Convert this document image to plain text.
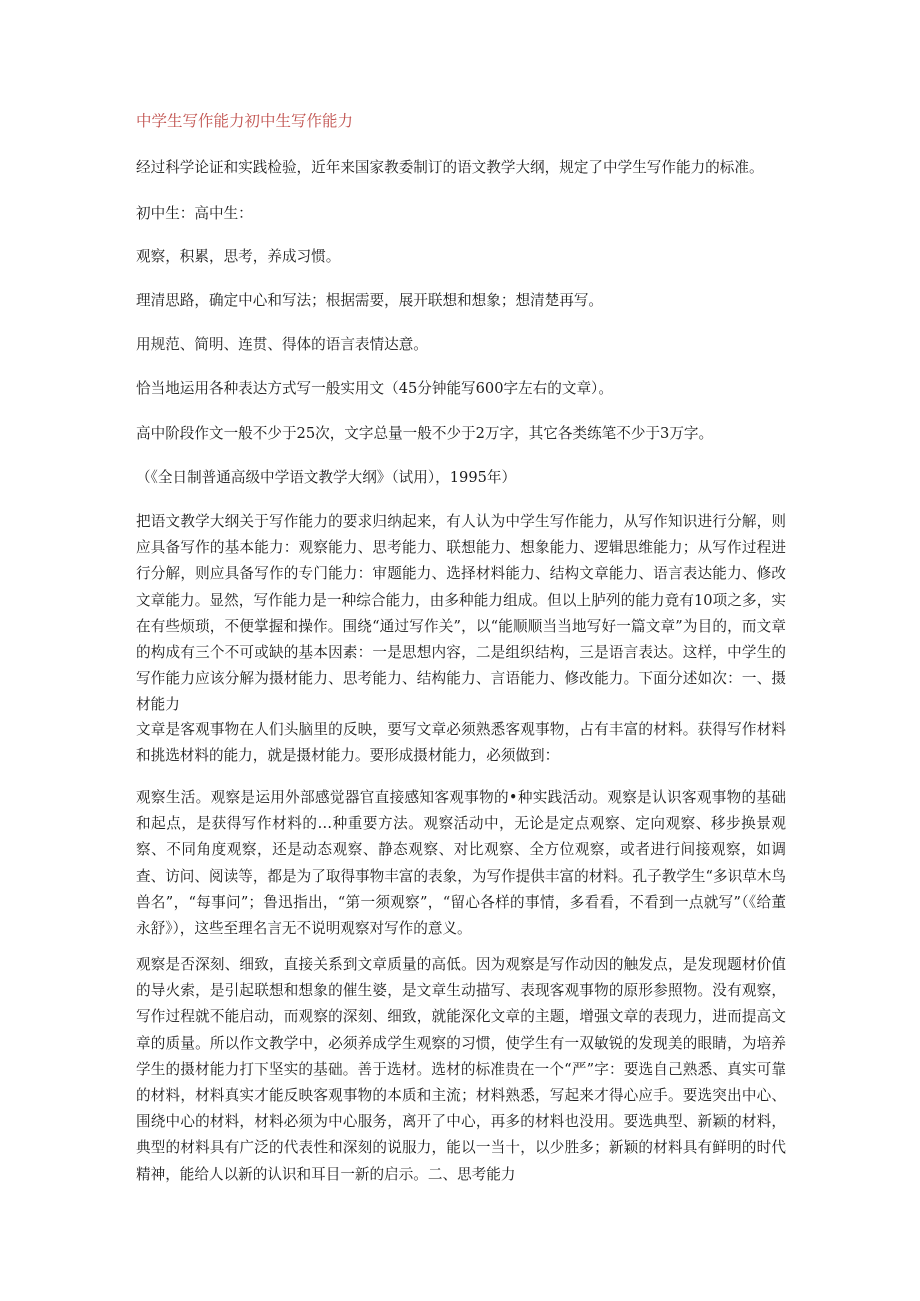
中学生写作能力初中生写作能力

经过科学论证和实践检验，近年来国家教委制订的语文教学大纲，规定了中学生写作能力的标准。

初中生：高中生：

观察，积累，思考，养成习惯。

理清思路，确定中心和写法；根据需要，展开联想和想象；想清楚再写。

用规范、简明、连贯、得体的语言表情达意。

恰当地运用各种表达方式写一般实用文（45分钟能写600字左右的文章）。

高中阶段作文一般不少于25次，文字总量一般不少于2万字，其它各类练笔不少于3万字。

（《全日制普通高级中学语文教学大纲》（试用），1995年）

把语文教学大纲关于写作能力的要求归纳起来，有人认为中学生写作能力，从写作知识进行分解，则应具备写作的基本能力：观察能力、思考能力、联想能力、想象能力、逻辑思维能力；从写作过程进行分解，则应具备写作的专门能力：审题能力、选择材料能力、结构文章能力、语言表达能力、修改文章能力。显然，写作能力是一种综合能力，由多种能力组成。但以上胪列的能力竟有10项之多，实在有些烦琐，不便掌握和操作。围绕“通过写作关”，以“能顺顺当当地写好一篇文章”为目的，而文章的构成有三个不可或缺的基本因素：一是思想内容，二是组织结构，三是语言表达。这样，中学生的写作能力应该分解为摄材能力、思考能力、结构能力、言语能力、修改能力。下面分述如次：一、摄材能力

文章是客观事物在人们头脑里的反映，要写文章必须熟悉客观事物，占有丰富的材料。获得写作材料和挑选材料的能力，就是摄材能力。要形成摄材能力，必须做到：

观察生活。观察是运用外部感觉器官直接感知客观事物的•种实践活动。观察是认识客观事物的基础和起点，是获得写作材料的…种重要方法。观察活动中，无论是定点观察、定向观察、移步换景观察、不同角度观察，还是动态观察、静态观察、对比观察、全方位观察，或者进行间接观察，如调查、访问、阅读等，都是为了取得事物丰富的表象，为写作提供丰富的材料。孔子教学生“多识草木鸟兽名”，“每事问”；鲁迅指出，“第一须观察”，“留心各样的事情，多看看，不看到一点就写”（《给董永舒》），这些至理名言无不说明观察对写作的意义。

观察是否深刻、细致，直接关系到文章质量的高低。因为观察是写作动因的触发点，是发现题材价值的导火索，是引起联想和想象的催生婆，是文章生动描写、表现客观事物的原形参照物。没有观察，写作过程就不能启动，而观察的深刻、细致，就能深化文章的主题，增强文章的表现力，进而提高文章的质量。所以作文教学中，必须养成学生观察的习惯，使学生有一双敏锐的发现美的眼睛，为培养学生的摄材能力打下坚实的基础。善于选材。选材的标准贵在一个“严”字：要选自己熟悉、真实可靠的材料，材料真实才能反映客观事物的本质和主流；材料熟悉，写起来才得心应手。要选突出中心、围绕中心的材料，材料必须为中心服务，离开了中心，再多的材料也没用。要选典型、新颖的材料，典型的材料具有广泛的代表性和深刻的说服力，能以一当十，以少胜多；新颖的材料具有鲜明的时代精神，能给人以新的认识和耳目一新的启示。二、思考能力
